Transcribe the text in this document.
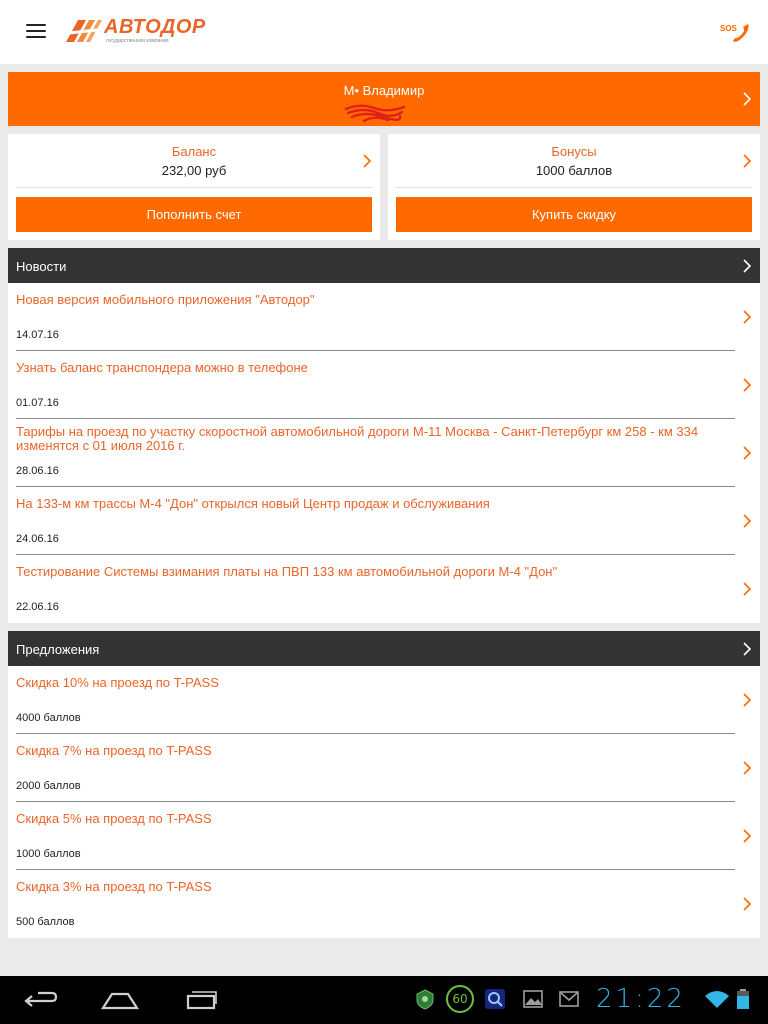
АВТОДОР
государственная компания
SOS
М• Владимир
Баланс
232,00 руб
Пополнить счет
Бонусы
1000 баллов
Купить скидку
Новости
Новая версия мобильного приложения "Автодор"
14.07.16
Узнать баланс транспондера можно в телефоне
01.07.16
Тарифы на проезд по участку скоростной автомобильной дороги М-11 Москва - Санкт-Петербург км 258 - км 334 изменятся с 01 июля 2016 г.
28.06.16
На 133-м км трассы М-4 "Дон" открылся новый Центр продаж и обслуживания
24.06.16
Тестирование Системы взимания платы на ПВП 133 км автомобильной дороги М-4 "Дон"
22.06.16
Предложения
Скидка 10% на проезд по T-PASS
4000 баллов
Скидка 7% на проезд по T-PASS
2000 баллов
Скидка 5% на проезд по T-PASS
1000 баллов
Скидка 3% на проезд по T-PASS
500 баллов
60	21:22
